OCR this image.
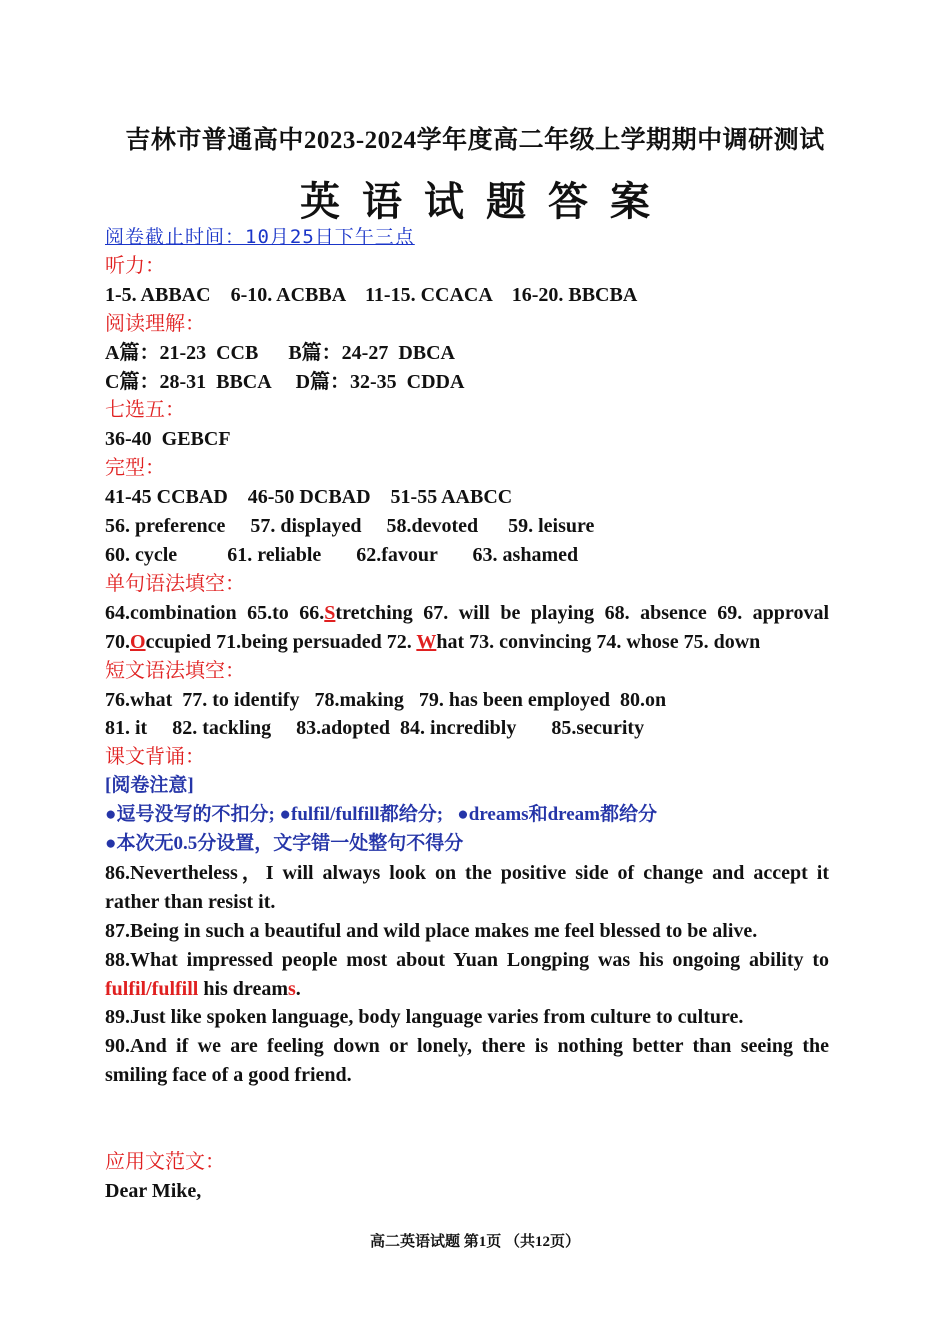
吉林市普通高中2023-2024学年度高二年级上学期期中调研测试
英语试题答案
阅卷截止时间：10月25日下午三点
听力：
1-5. ABBAC    6-10. ACBBA    11-15. CCACA    16-20. BBCBA
阅读理解：
A篇：21-23  CCB      B篇：24-27  DBCA
C篇：28-31  BBCA     D篇：32-35  CDDA
七选五：
36-40  GEBCF
完型：
41-45 CCBAD    46-50 DCBAD    51-55 AABCC
56. preference     57. displayed     58.devoted      59. leisure
60. cycle          61. reliable       62.favour       63. ashamed
单句语法填空：
64.combination 65.to 66.Stretching 67. will be playing 68. absence 69. approval 70.Occupied 71.being persuaded 72. What 73. convincing 74. whose 75. down
短文语法填空：
76.what  77. to identify   78.making   79. has been employed  80.on
81. it     82. tackling     83.adopted  84. incredibly       85.security
课文背诵：
[阅卷注意]
●逗号没写的不扣分; ●fulfil/fulfill都给分;   ●dreams和dream都给分
●本次无0.5分设置，文字错一处整句不得分
86.Nevertheless，I will always look on the positive side of change and accept it rather than resist it.
87.Being in such a beautiful and wild place makes me feel blessed to be alive.
88.What impressed people most about Yuan Longping was his ongoing ability to fulfil/fulfill his dreams.
89.Just like spoken language, body language varies from culture to culture.
90.And if we are feeling down or lonely, there is nothing better than seeing the smiling face of a good friend.
应用文范文：
Dear Mike,
高二英语试题 第1页 （共12页）
